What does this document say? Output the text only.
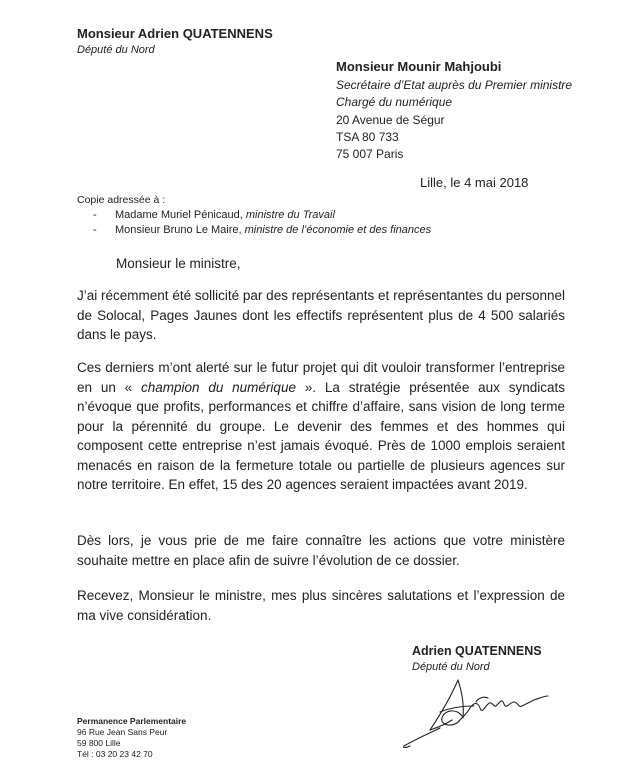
Monsieur Adrien QUATENNENS
Député du Nord
Monsieur Mounir Mahjoubi
Secrétaire d’Etat auprès du Premier ministre
Chargé du numérique
20 Avenue de Ségur
TSA 80 733
75 007 Paris
Lille, le 4 mai 2018
Copie adressée à :
- Madame Muriel Pénicaud, ministre du Travail
- Monsieur Bruno Le Maire, ministre de l’économie et des finances
Monsieur le ministre,
J’ai récemment été sollicité par des représentants et représentantes du personnel de Solocal, Pages Jaunes dont les effectifs représentent plus de 4 500 salariés dans le pays.
Ces derniers m’ont alerté sur le futur projet qui dit vouloir transformer l’entreprise en un « champion du numérique ». La stratégie présentée aux syndicats n’évoque que profits, performances et chiffre d’affaire, sans vision de long terme pour la pérennité du groupe. Le devenir des femmes et des hommes qui composent cette entreprise n’est jamais évoqué. Près de 1000 emplois seraient menacés en raison de la fermeture totale ou partielle de plusieurs agences sur notre territoire. En effet, 15 des 20 agences seraient impactées avant 2019.
Dès lors, je vous prie de me faire connaître les actions que votre ministère souhaite mettre en place afin de suivre l’évolution de ce dossier.
Recevez, Monsieur le ministre, mes plus sincères salutations et l’expression de ma vive considération.
Adrien QUATENNENS
Député du Nord
Permanence Parlementaire
96 Rue Jean Sans Peur
59 800 Lille
Tél : 03 20 23 42 70
